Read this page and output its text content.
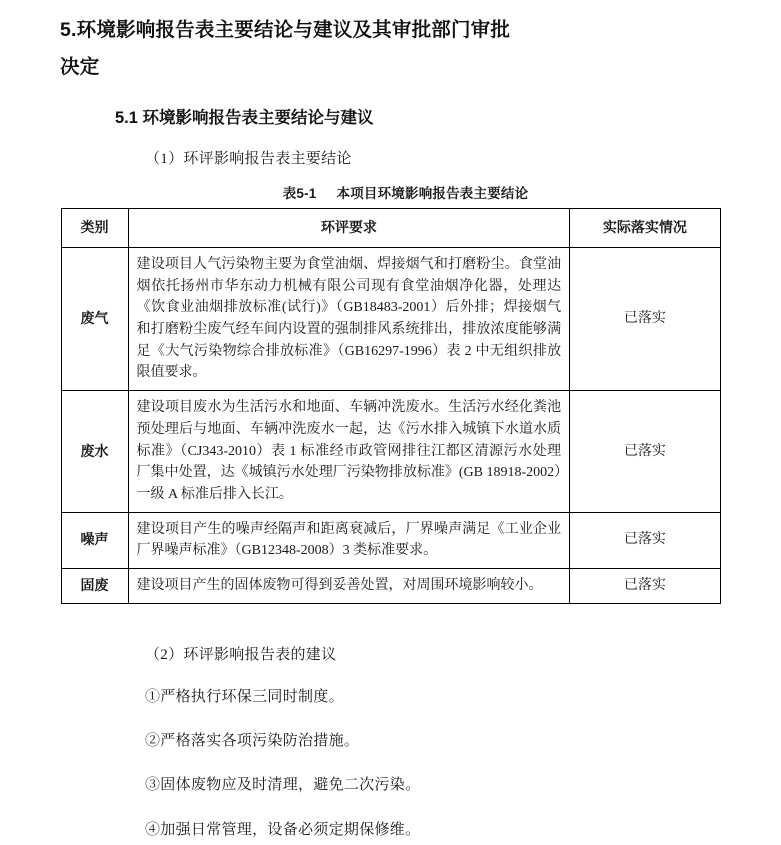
5.环境影响报告表主要结论与建议及其审批部门审批
决定
5.1 环境影响报告表主要结论与建议

（1）环评影响报告表主要结论

表5-1 本项目环境影响报告表主要结论
类别	环评要求	实际落实情况
废气	建设项目人气污染物主要为食堂油烟、焊接烟气和打磨粉尘。食堂油烟依托扬州市华东动力机械有限公司现有食堂油烟净化器，处理达《饮食业油烟排放标准(试行)》（GB18483-2001）后外排；焊接烟气和打磨粉尘废气经车间内设置的强制排风系统排出，排放浓度能够满足《大气污染物综合排放标准》（GB16297-1996）表 2 中无组织排放限值要求。	已落实
废水	建设项目废水为生活污水和地面、车辆冲洗废水。生活污水经化粪池预处理后与地面、车辆冲洗废水一起，达《污水排入城镇下水道水质标准》（CJ343-2010）表 1 标准经市政管网排往江都区清源污水处理厂集中处置，达《城镇污水处理厂污染物排放标准》(GB 18918-2002）一级 A 标准后排入长江。	已落实
噪声	建设项目产生的噪声经隔声和距离衰减后，厂界噪声满足《工业企业厂界噪声标准》（GB12348-2008）3 类标准要求。	已落实
固废	建设项目产生的固体废物可得到妥善处置，对周围环境影响较小。	已落实

（2）环评影响报告表的建议

①严格执行环保三同时制度。

②严格落实各项污染防治措施。

③固体废物应及时清理，避免二次污染。

④加强日常管理，设备必须定期保修维。
